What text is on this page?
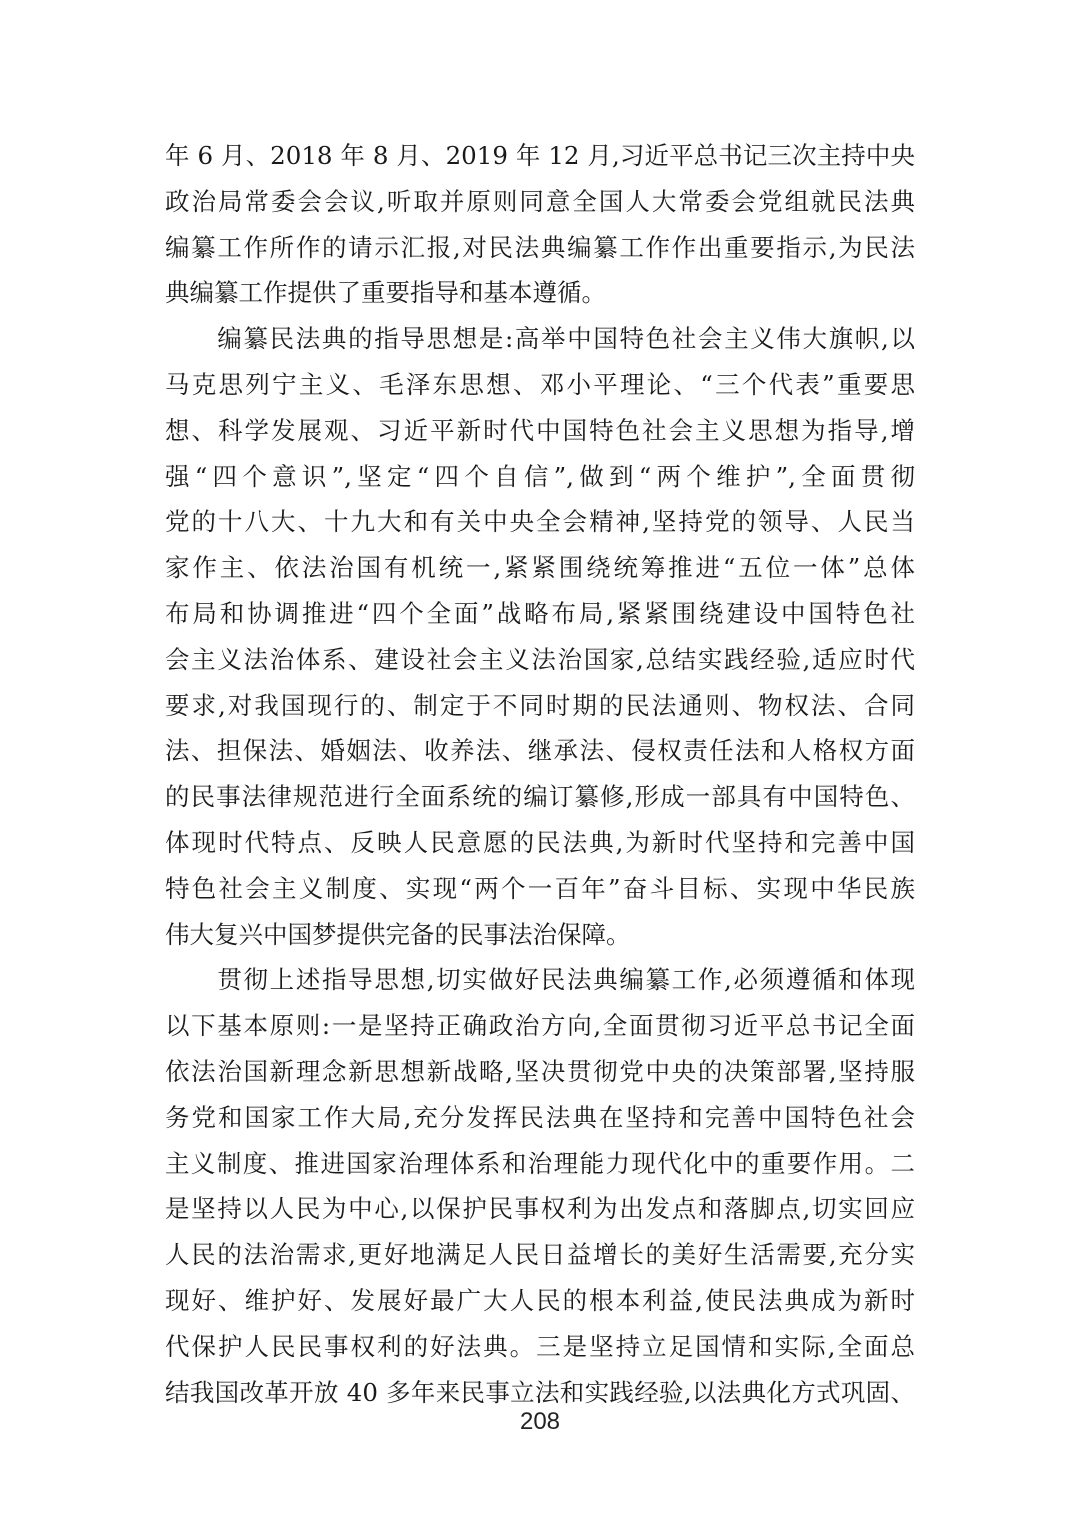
年 6 月、2018 年 8 月、2019 年 12 月,习近平总书记三次主持中央
政治局常委会会议,听取并原则同意全国人大常委会党组就民法典
编纂工作所作的请示汇报,对民法典编纂工作作出重要指示,为民法
典编纂工作提供了重要指导和基本遵循。
　　编纂民法典的指导思想是:高举中国特色社会主义伟大旗帜,以
马克思列宁主义、毛泽东思想、邓小平理论、“三个代表”重要思
想、科学发展观、习近平新时代中国特色社会主义思想为指导,增
强“四个意识”,坚定“四个自信”,做到“两个维护”,全面贯彻
党的十八大、十九大和有关中央全会精神,坚持党的领导、人民当
家作主、依法治国有机统一,紧紧围绕统筹推进“五位一体”总体
布局和协调推进“四个全面”战略布局,紧紧围绕建设中国特色社
会主义法治体系、建设社会主义法治国家,总结实践经验,适应时代
要求,对我国现行的、制定于不同时期的民法通则、物权法、合同
法、担保法、婚姻法、收养法、继承法、侵权责任法和人格权方面
的民事法律规范进行全面系统的编订纂修,形成一部具有中国特色、
体现时代特点、反映人民意愿的民法典,为新时代坚持和完善中国
特色社会主义制度、实现“两个一百年”奋斗目标、实现中华民族
伟大复兴中国梦提供完备的民事法治保障。
　　贯彻上述指导思想,切实做好民法典编纂工作,必须遵循和体现
以下基本原则:一是坚持正确政治方向,全面贯彻习近平总书记全面
依法治国新理念新思想新战略,坚决贯彻党中央的决策部署,坚持服
务党和国家工作大局,充分发挥民法典在坚持和完善中国特色社会
主义制度、推进国家治理体系和治理能力现代化中的重要作用。二
是坚持以人民为中心,以保护民事权利为出发点和落脚点,切实回应
人民的法治需求,更好地满足人民日益增长的美好生活需要,充分实
现好、维护好、发展好最广大人民的根本利益,使民法典成为新时
代保护人民民事权利的好法典。三是坚持立足国情和实际,全面总
结我国改革开放 40 多年来民事立法和实践经验,以法典化方式巩固、
208
